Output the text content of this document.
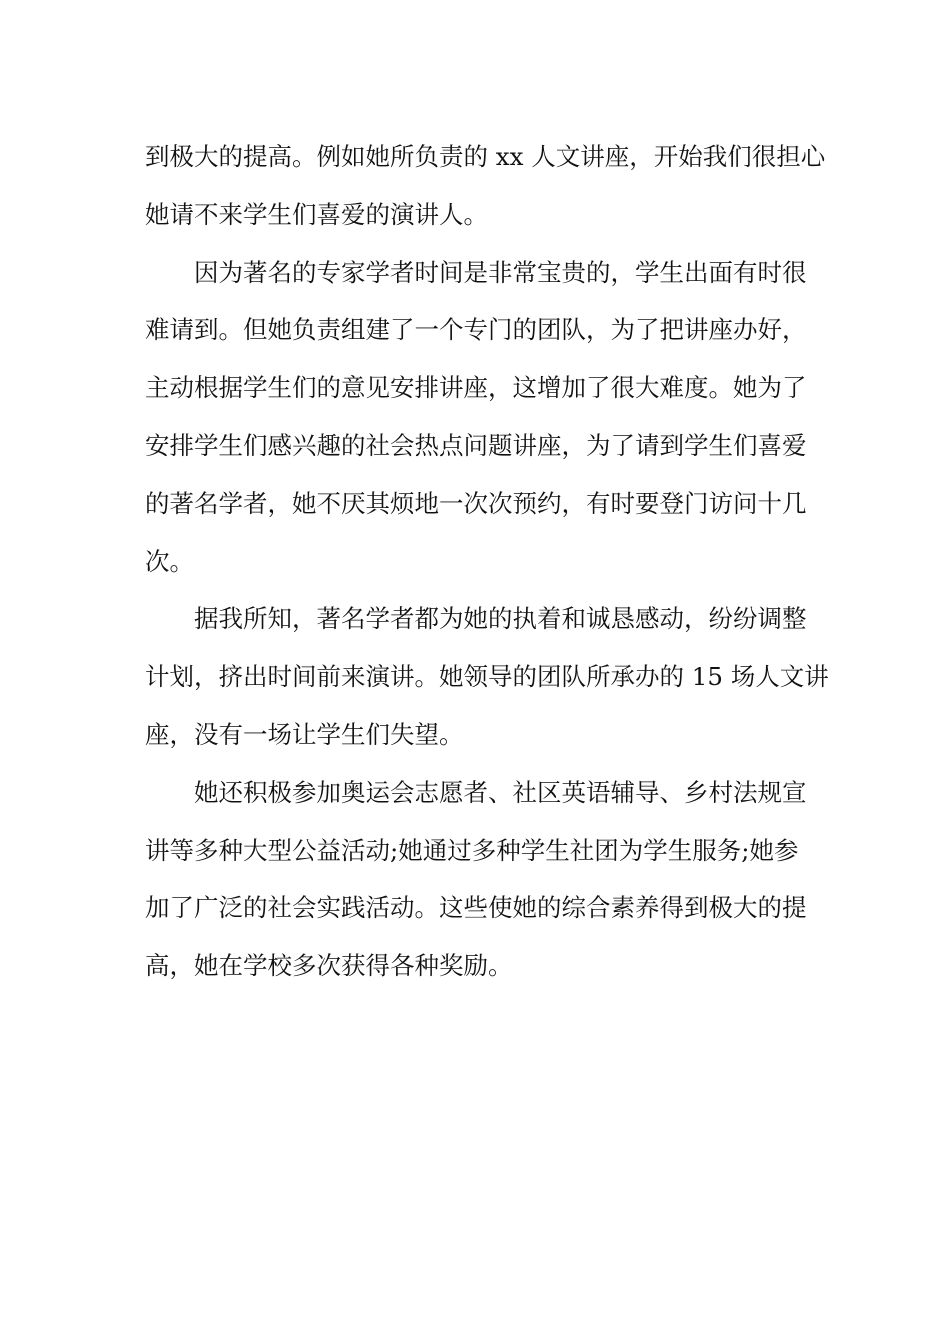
到极大的提高。例如她所负责的 xx 人文讲座，开始我们很担心
她请不来学生们喜爱的演讲人。

因为著名的专家学者时间是非常宝贵的，学生出面有时很
难请到。但她负责组建了一个专门的团队，为了把讲座办好，
主动根据学生们的意见安排讲座，这增加了很大难度。她为了
安排学生们感兴趣的社会热点问题讲座，为了请到学生们喜爱
的著名学者，她不厌其烦地一次次预约，有时要登门访问十几
次。

据我所知，著名学者都为她的执着和诚恳感动，纷纷调整
计划，挤出时间前来演讲。她领导的团队所承办的 15 场人文讲
座，没有一场让学生们失望。

她还积极参加奥运会志愿者、社区英语辅导、乡村法规宣
讲等多种大型公益活动;她通过多种学生社团为学生服务;她参
加了广泛的社会实践活动。这些使她的综合素养得到极大的提
高，她在学校多次获得各种奖励。
